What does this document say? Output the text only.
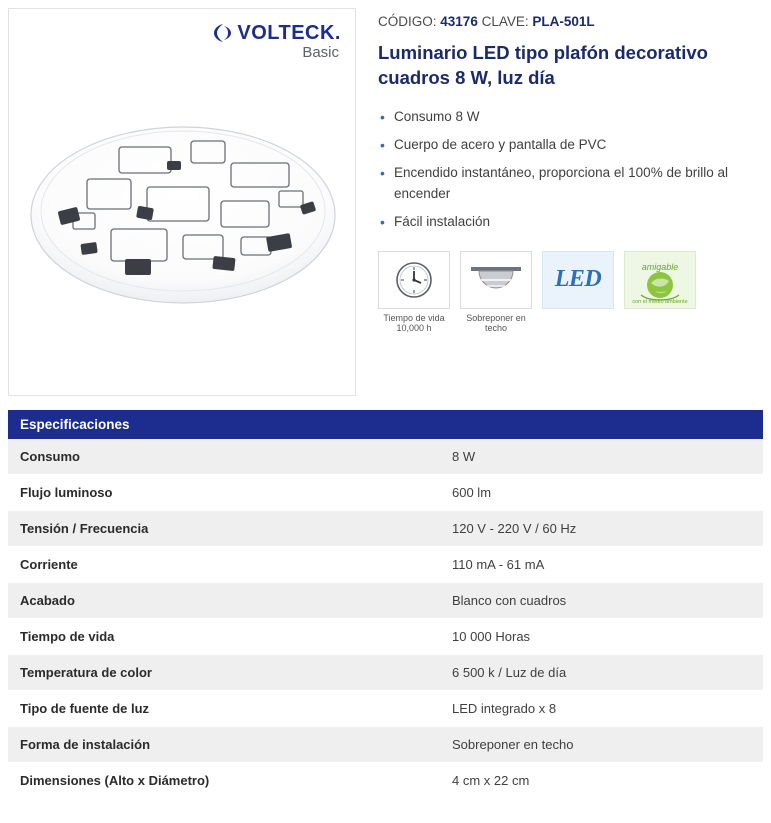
VOLTECK.
Basic
CÓDIGO: 43176 CLAVE: PLA-501L
Luminario LED tipo plafón decorativo cuadros 8 W, luz día
• Consumo 8 W
• Cuerpo de acero y pantalla de PVC
• Encendido instantáneo, proporciona el 100% de brillo al encender
• Fácil instalación
Tiempo de vida
10,000 h
Sobreponer en
techo
LED	amigable
con el medio ambiente
Especificaciones
Consumo	8 W
Flujo luminoso	600 lm
Tensión / Frecuencia	120 V - 220 V / 60 Hz
Corriente	110 mA - 61 mA
Acabado	Blanco con cuadros
Tiempo de vida	10 000 Horas
Temperatura de color	6 500 k / Luz de día
Tipo de fuente de luz	LED integrado x 8
Forma de instalación	Sobreponer en techo
Dimensiones (Alto x Diámetro)	4 cm x 22 cm
